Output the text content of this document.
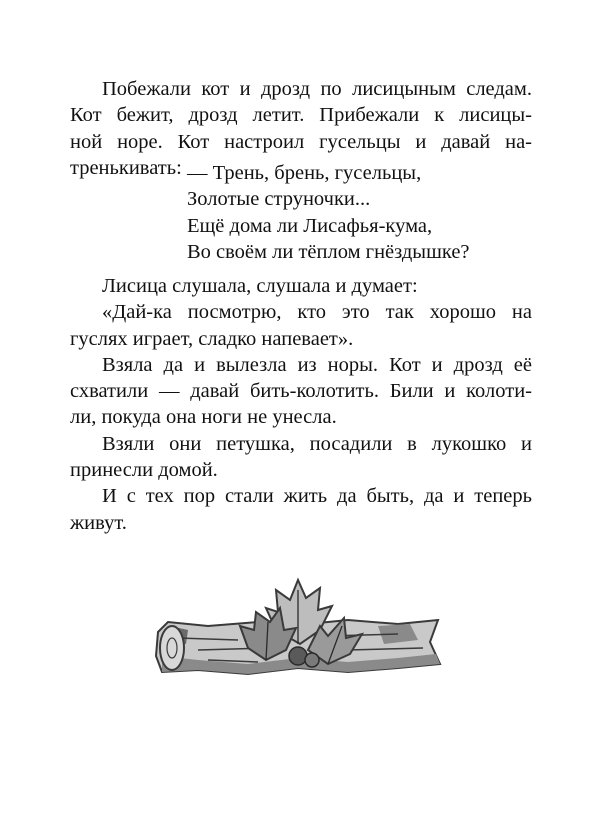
Побежали кот и дрозд по лисицыным следам.
Кот бежит, дрозд летит. Прибежали к лисицы-
ной норе. Кот настроил гусельцы и давай на-
тренькивать: — Трень, брень, гусельцы,
Золотые струночки...
Ещё дома ли Лисафья-кума,
Во своём ли тёплом гнёздышке?

Лисица слушала, слушала и думает:

«Дай-ка посмотрю, кто это так хорошо на
гуслях играет, сладко напевает».

Взяла да и вылезла из норы. Кот и дрозд её
схватили — давай бить-колотить. Били и колоти-
ли, покуда она ноги не унесла.

Взяли они петушка, посадили в лукошко и
принесли домой.

И с тех пор стали жить да быть, да и теперь
живут.
